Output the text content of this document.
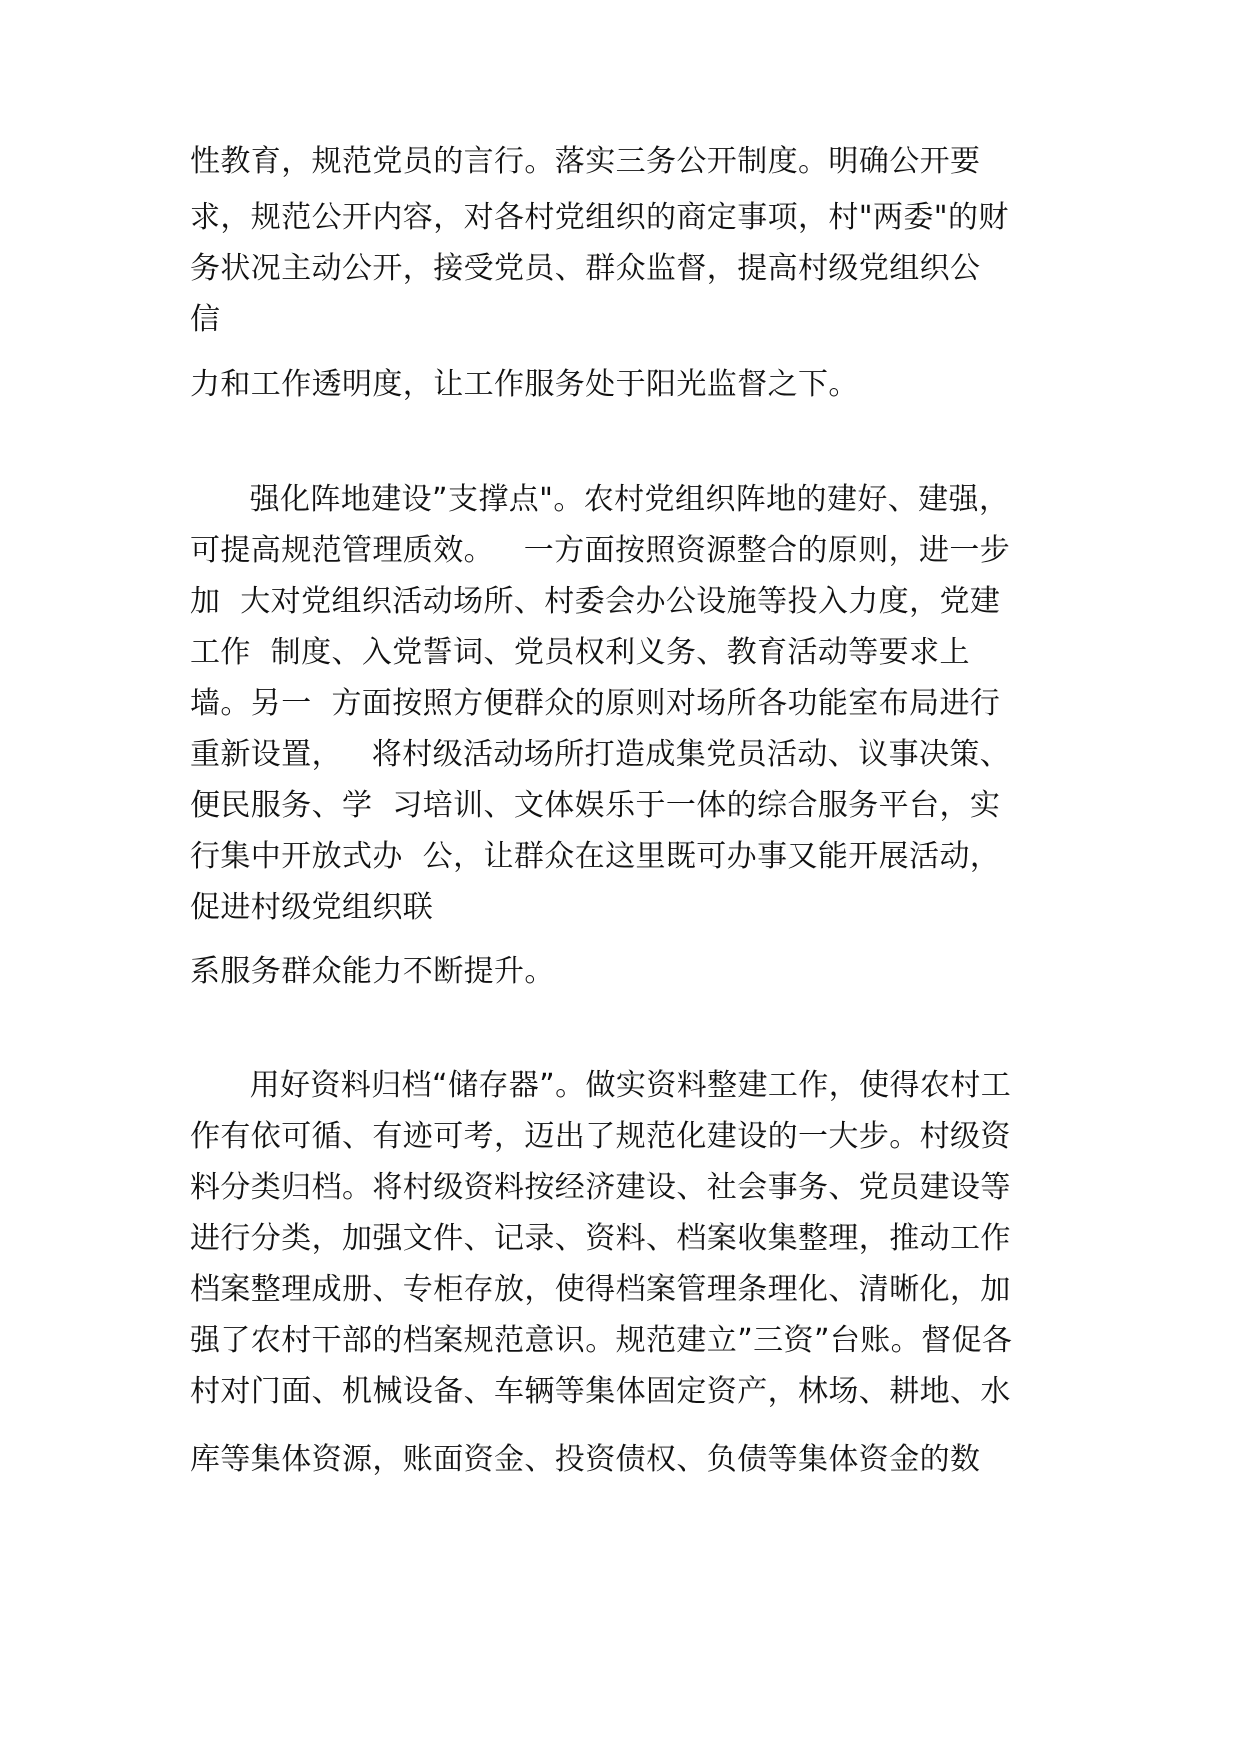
性教育，规范党员的言行。落实三务公开制度。明确公开要
求，规范公开内容，对各村党组织的商定事项，村"两委"的财
务状况主动公开，接受党员、群众监督，提高村级党组织公
信
力和工作透明度，让工作服务处于阳光监督之下。
强化阵地建设”支撑点"。农村党组织阵地的建好、建强，
可提高规范管理质效。   一方面按照资源整合的原则，进一步
加  大对党组织活动场所、村委会办公设施等投入力度，党建
工作  制度、入党誓词、党员权利义务、教育活动等要求上
墙。另一  方面按照方便群众的原则对场所各功能室布局进行
重新设置，   将村级活动场所打造成集党员活动、议事决策、
便民服务、学  习培训、文体娱乐于一体的综合服务平台，实
行集中开放式办  公，让群众在这里既可办事又能开展活动，
促进村级党组织联
系服务群众能力不断提升。
用好资料归档“储存器”。做实资料整建工作，使得农村工
作有依可循、有迹可考，迈出了规范化建设的一大步。村级资
料分类归档。将村级资料按经济建设、社会事务、党员建设等
进行分类，加强文件、记录、资料、档案收集整理，推动工作
档案整理成册、专柜存放，使得档案管理条理化、清晰化，加
强了农村干部的档案规范意识。规范建立”三资”台账。督促各
村对门面、机械设备、车辆等集体固定资产，林场、耕地、水
库等集体资源，账面资金、投资债权、负债等集体资金的数
